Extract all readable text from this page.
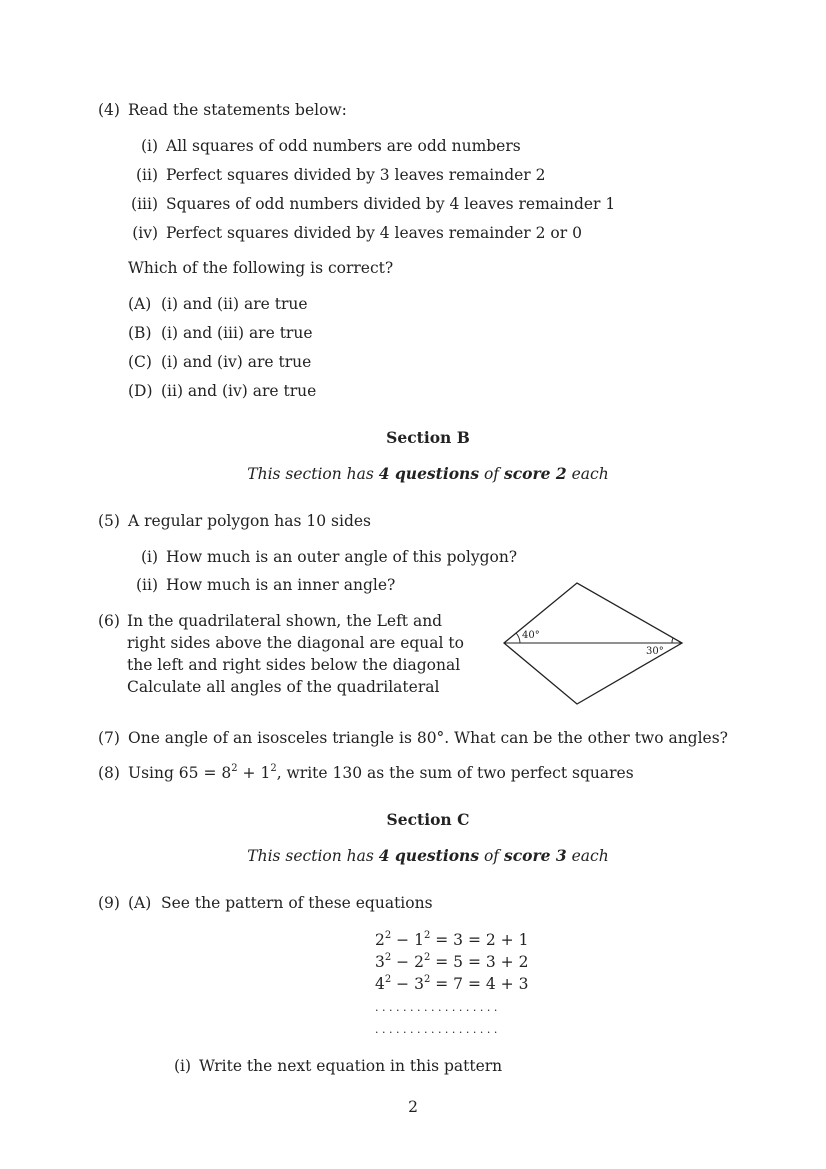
(4) Read the statements below:
(i) All squares of odd numbers are odd numbers
(ii) Perfect squares divided by 3 leaves remainder 2
(iii) Squares of odd numbers divided by 4 leaves remainder 1
(iv) Perfect squares divided by 4 leaves remainder 2 or 0
Which of the following is correct?
(A) (i) and (ii) are true
(B) (i) and (iii) are true
(C) (i) and (iv) are true
(D) (ii) and (iv) are true
Section B
This section has 4 questions of score 2 each
(5) A regular polygon has 10 sides
(i) How much is an outer angle of this polygon?
(ii) How much is an inner angle?
(6) In the quadrilateral shown, the Left and
right sides above the diagonal are equal to
the left and right sides below the diagonal
Calculate all angles of the quadrilateral
40°
30°
(7) One angle of an isosceles triangle is 80°. What can be the other two angles?
(8) Using $65 = 8^2 + 1^2$, write 130 as the sum of two perfect squares
Section C
This section has 4 questions of score 3 each
(9) (A) See the pattern of these equations
$2^2 - 1^2 = 3 = 2 + 1$
$3^2 - 2^2 = 5 = 3 + 2$
$4^2 - 3^2 = 7 = 4 + 3$
. . . . . . . . . . . . . . . . . .
. . . . . . . . . . . . . . . . . .
(i) Write the next equation in this pattern
2
